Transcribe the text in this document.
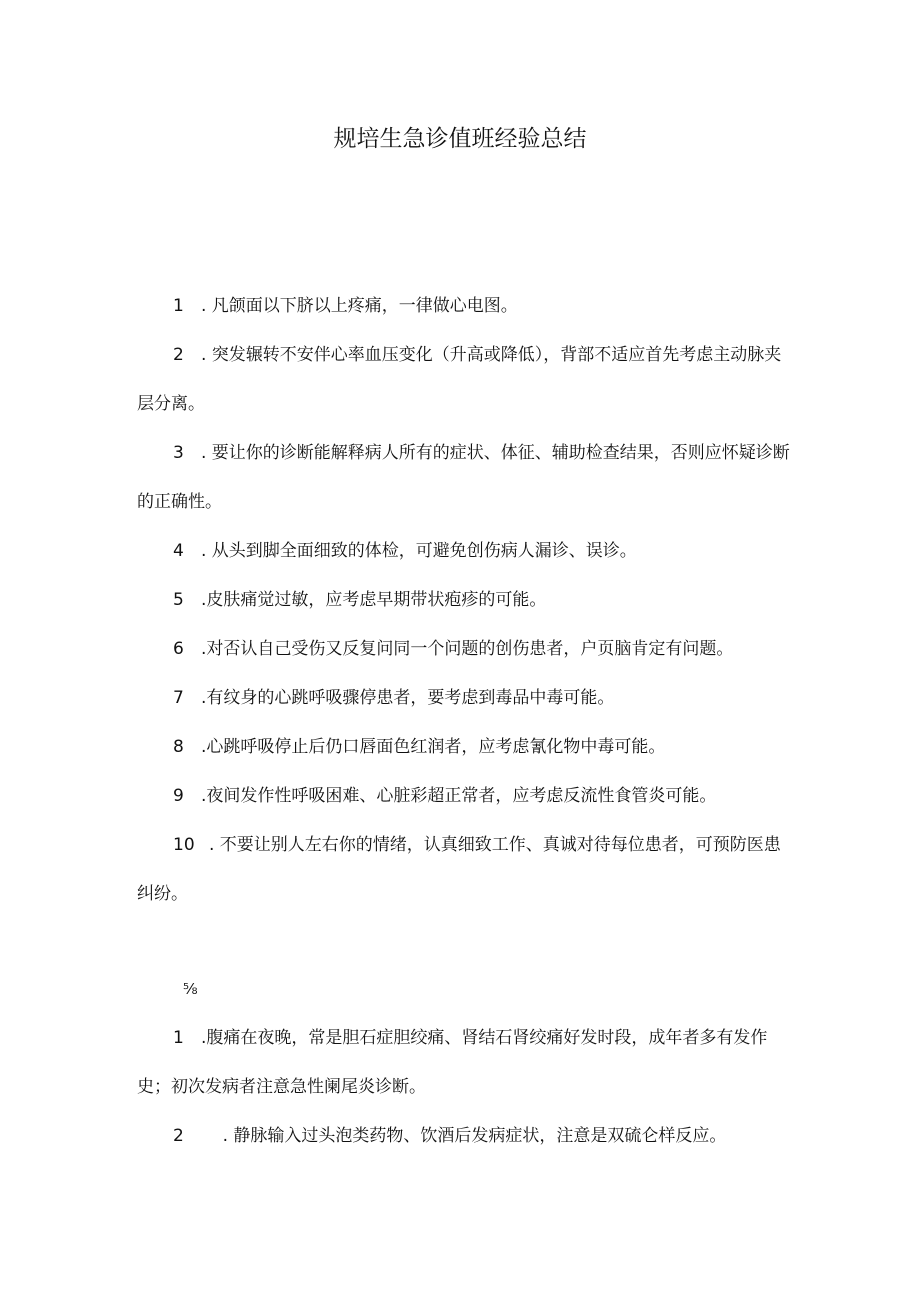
规培生急诊值班经验总结

1 . 凡颌面以下脐以上疼痛，一律做心电图。

2 . 突发辗转不安伴心率血压变化（升高或降低），背部不适应首先考虑主动脉夹层分离。

3 . 要让你的诊断能解释病人所有的症状、体征、辅助检查结果，否则应怀疑诊断的正确性。

4 . 从头到脚全面细致的体检，可避免创伤病人漏诊、误诊。

5 .皮肤痛觉过敏，应考虑早期带状疱疹的可能。

6 .对否认自己受伤又反复问同一个问题的创伤患者，户页脑肯定有问题。

7 .有纹身的心跳呼吸骤停患者，要考虑到毒品中毒可能。

8 .心跳呼吸停止后仍口唇面色红润者，应考虑氰化物中毒可能。

9 .夜间发作性呼吸困难、心脏彩超正常者，应考虑反流性食管炎可能。

10 . 不要让别人左右你的情绪，认真细致工作、真诚对待每位患者，可预防医患纠纷。

⅝

1 .腹痛在夜晚，常是胆石症胆绞痛、肾结石肾绞痛好发时段，成年者多有发作史；初次发病者注意急性阑尾炎诊断。

2    . 静脉输入过头泡类药物、饮酒后发病症状，注意是双硫仑样反应。
